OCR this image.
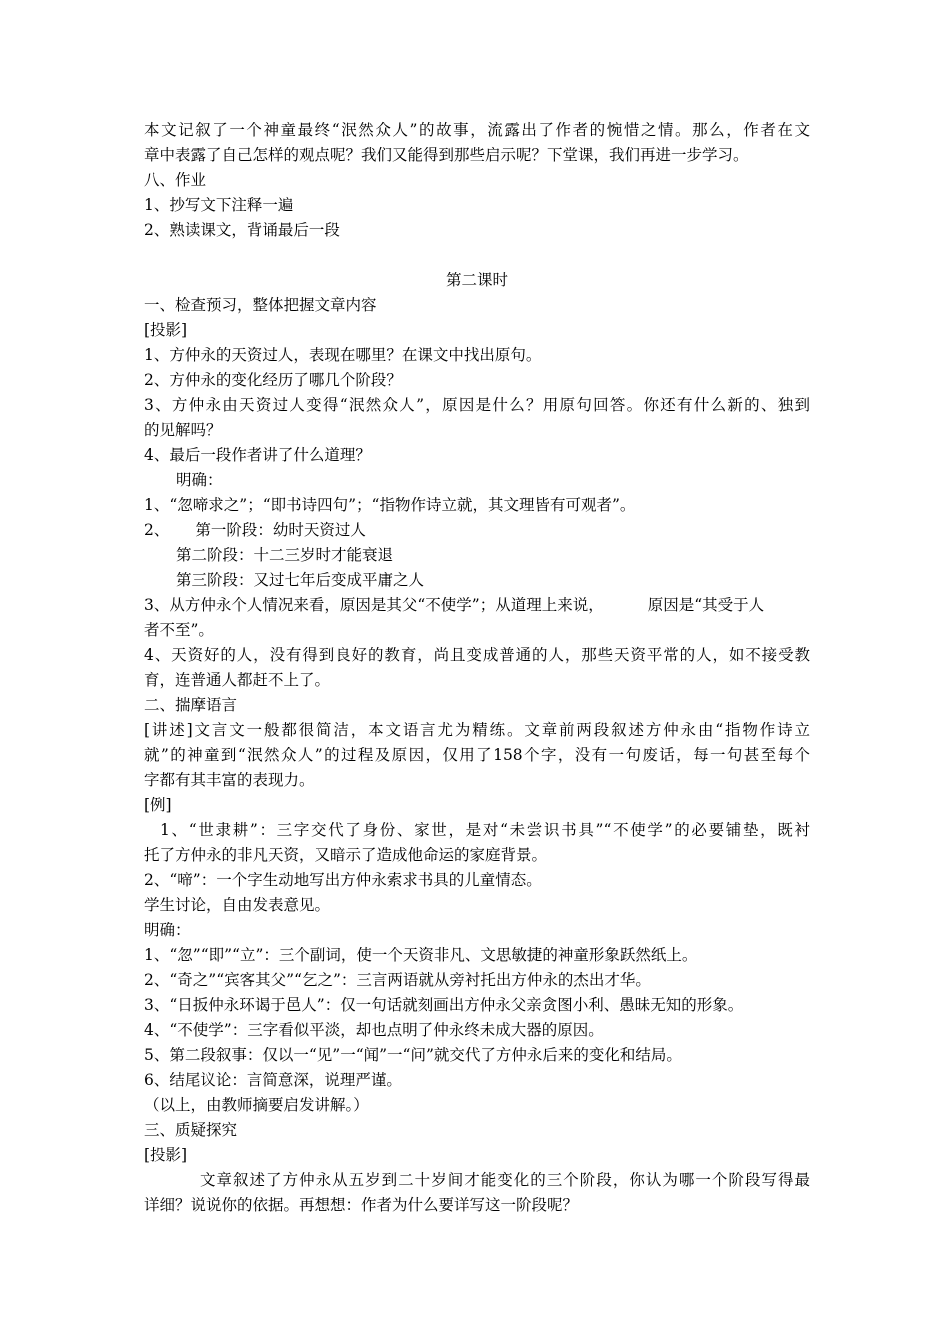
本文记叙了一个神童最终“泯然众人”的故事，流露出了作者的惋惜之情。那么，作者在文
章中表露了自己怎样的观点呢？我们又能得到那些启示呢？下堂课，我们再进一步学习。
八、作业
1、抄写文下注释一遍
2、熟读课文，背诵最后一段
第二课时
一、检查预习，整体把握文章内容
[投影]
1、方仲永的天资过人，表现在哪里？在课文中找出原句。
2、方仲永的变化经历了哪几个阶段？
3、方仲永由天资过人变得“泯然众人”，原因是什么？用原句回答。你还有什么新的、独到
的见解吗？
4、最后一段作者讲了什么道理？
明确：
1、“忽啼求之”；“即书诗四句”；“指物作诗立就，其文理皆有可观者”。
2、 第一阶段：幼时天资过人
第二阶段：十二三岁时才能衰退
第三阶段：又过七年后变成平庸之人
3、从方仲永个人情况来看，原因是其父“不使学”；从道理上来说，	原因是“其受于人
者不至”。
4、天资好的人，没有得到良好的教育，尚且变成普通的人，那些天资平常的人，如不接受教
育，连普通人都赶不上了。
二、揣摩语言
[讲述]文言文一般都很简洁，本文语言尤为精练。文章前两段叙述方仲永由“指物作诗立
就”的神童到“泯然众人”的过程及原因，仅用了158个字，没有一句废话，每一句甚至每个
字都有其丰富的表现力。
[例]
1、“世隶耕”：三字交代了身份、家世，是对“未尝识书具”“不使学”的必要铺垫，既衬
托了方仲永的非凡天资，又暗示了造成他命运的家庭背景。
2、“啼”：一个字生动地写出方仲永索求书具的儿童情态。
学生讨论，自由发表意见。
明确：
1、“忽”“即”“立”：三个副词，使一个天资非凡、文思敏捷的神童形象跃然纸上。
2、“奇之”“宾客其父”“乞之”：三言两语就从旁衬托出方仲永的杰出才华。
3、“日扳仲永环谒于邑人”：仅一句话就刻画出方仲永父亲贪图小利、愚昧无知的形象。
4、“不使学”：三字看似平淡，却也点明了仲永终未成大器的原因。
5、第二段叙事：仅以一“见”一“闻”一“问”就交代了方仲永后来的变化和结局。
6、结尾议论：言简意深，说理严谨。
（以上，由教师摘要启发讲解。）
三、质疑探究
[投影]
文章叙述了方仲永从五岁到二十岁间才能变化的三个阶段，你认为哪一个阶段写得最
详细？说说你的依据。再想想：作者为什么要详写这一阶段呢？
